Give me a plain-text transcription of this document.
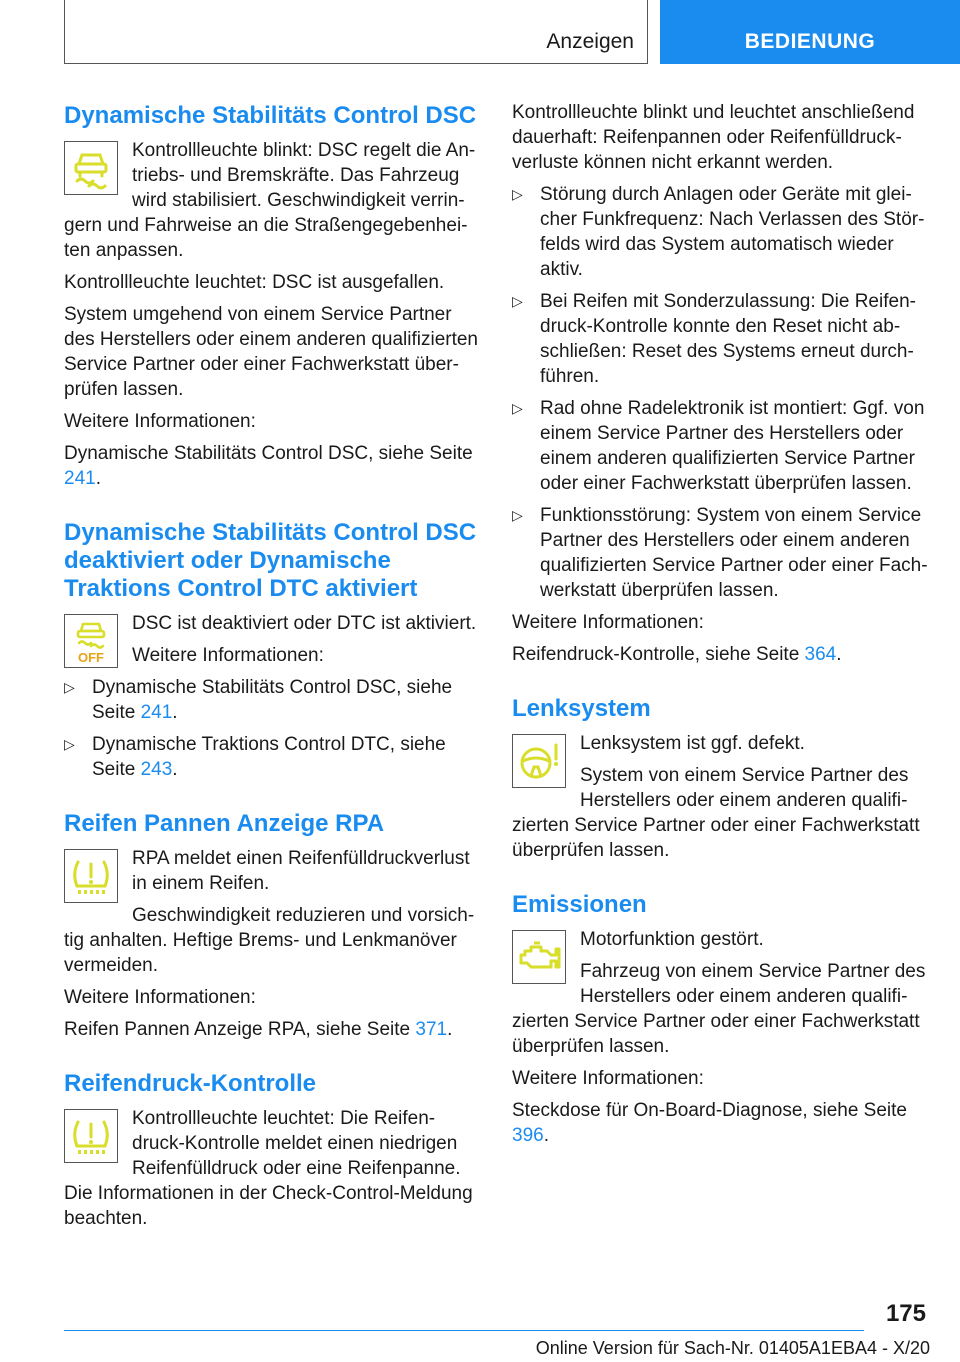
Anzeigen	BEDIENUNG
Dynamische Stabilitäts Control DSC

Kontrollleuchte blinkt: DSC regelt die Antriebs- und Bremskräfte. Das Fahrzeug wird stabilisiert. Geschwindigkeit verringern und Fahrweise an die Straßengegebenheiten anpassen.

Kontrollleuchte leuchtet: DSC ist ausgefallen.

System umgehend von einem Service Partner des Herstellers oder einem anderen qualifizierten Service Partner oder einer Fachwerkstatt überprüfen lassen.

Weitere Informationen:

Dynamische Stabilitäts Control DSC, siehe Seite 241.

Dynamische Stabilitäts Control DSC deaktiviert oder Dynamische Traktions Control DTC aktiviert
OFF

DSC ist deaktiviert oder DTC ist aktiviert.

Weitere Informationen:

▷ Dynamische Stabilitäts Control DSC, siehe Seite 241.
▷ Dynamische Traktions Control DTC, siehe Seite 243.
Reifen Pannen Anzeige RPA

RPA meldet einen Reifenfülldruckverlust in einem Reifen.

Geschwindigkeit reduzieren und vorsichtig anhalten. Heftige Brems- und Lenkmanöver vermeiden.

Weitere Informationen:

Reifen Pannen Anzeige RPA, siehe Seite 371.

Reifendruck-Kontrolle

Kontrollleuchte leuchtet: Die Reifendruck-Kontrolle meldet einen niedrigen Reifenfülldruck oder eine Reifenpanne. Die Informationen in der Check-Control-Meldung beachten.

Kontrollleuchte blinkt und leuchtet anschließend dauerhaft: Reifenpannen oder Reifenfülldruckverluste können nicht erkannt werden.

▷ Störung durch Anlagen oder Geräte mit gleicher Funkfrequenz: Nach Verlassen des Störfelds wird das System automatisch wieder aktiv.
▷ Bei Reifen mit Sonderzulassung: Die Reifendruck-Kontrolle konnte den Reset nicht abschließen: Reset des Systems erneut durchführen.
▷ Rad ohne Radelektronik ist montiert: Ggf. von einem Service Partner des Herstellers oder einem anderen qualifizierten Service Partner oder einer Fachwerkstatt überprüfen lassen.
▷ Funktionsstörung: System von einem Service Partner des Herstellers oder einem anderen qualifizierten Service Partner oder einer Fachwerkstatt überprüfen lassen.

Weitere Informationen:

Reifendruck-Kontrolle, siehe Seite 364.

Lenksystem

Lenksystem ist ggf. defekt.

System von einem Service Partner des Herstellers oder einem anderen qualifizierten Service Partner oder einer Fachwerkstatt überprüfen lassen.

Emissionen

Motorfunktion gestört.

Fahrzeug von einem Service Partner des Herstellers oder einem anderen qualifizierten Service Partner oder einer Fachwerkstatt überprüfen lassen.

Weitere Informationen:

Steckdose für On-Board-Diagnose, siehe Seite 396.

175
Online Version für Sach-Nr. 01405A1EBA4 - X/20
